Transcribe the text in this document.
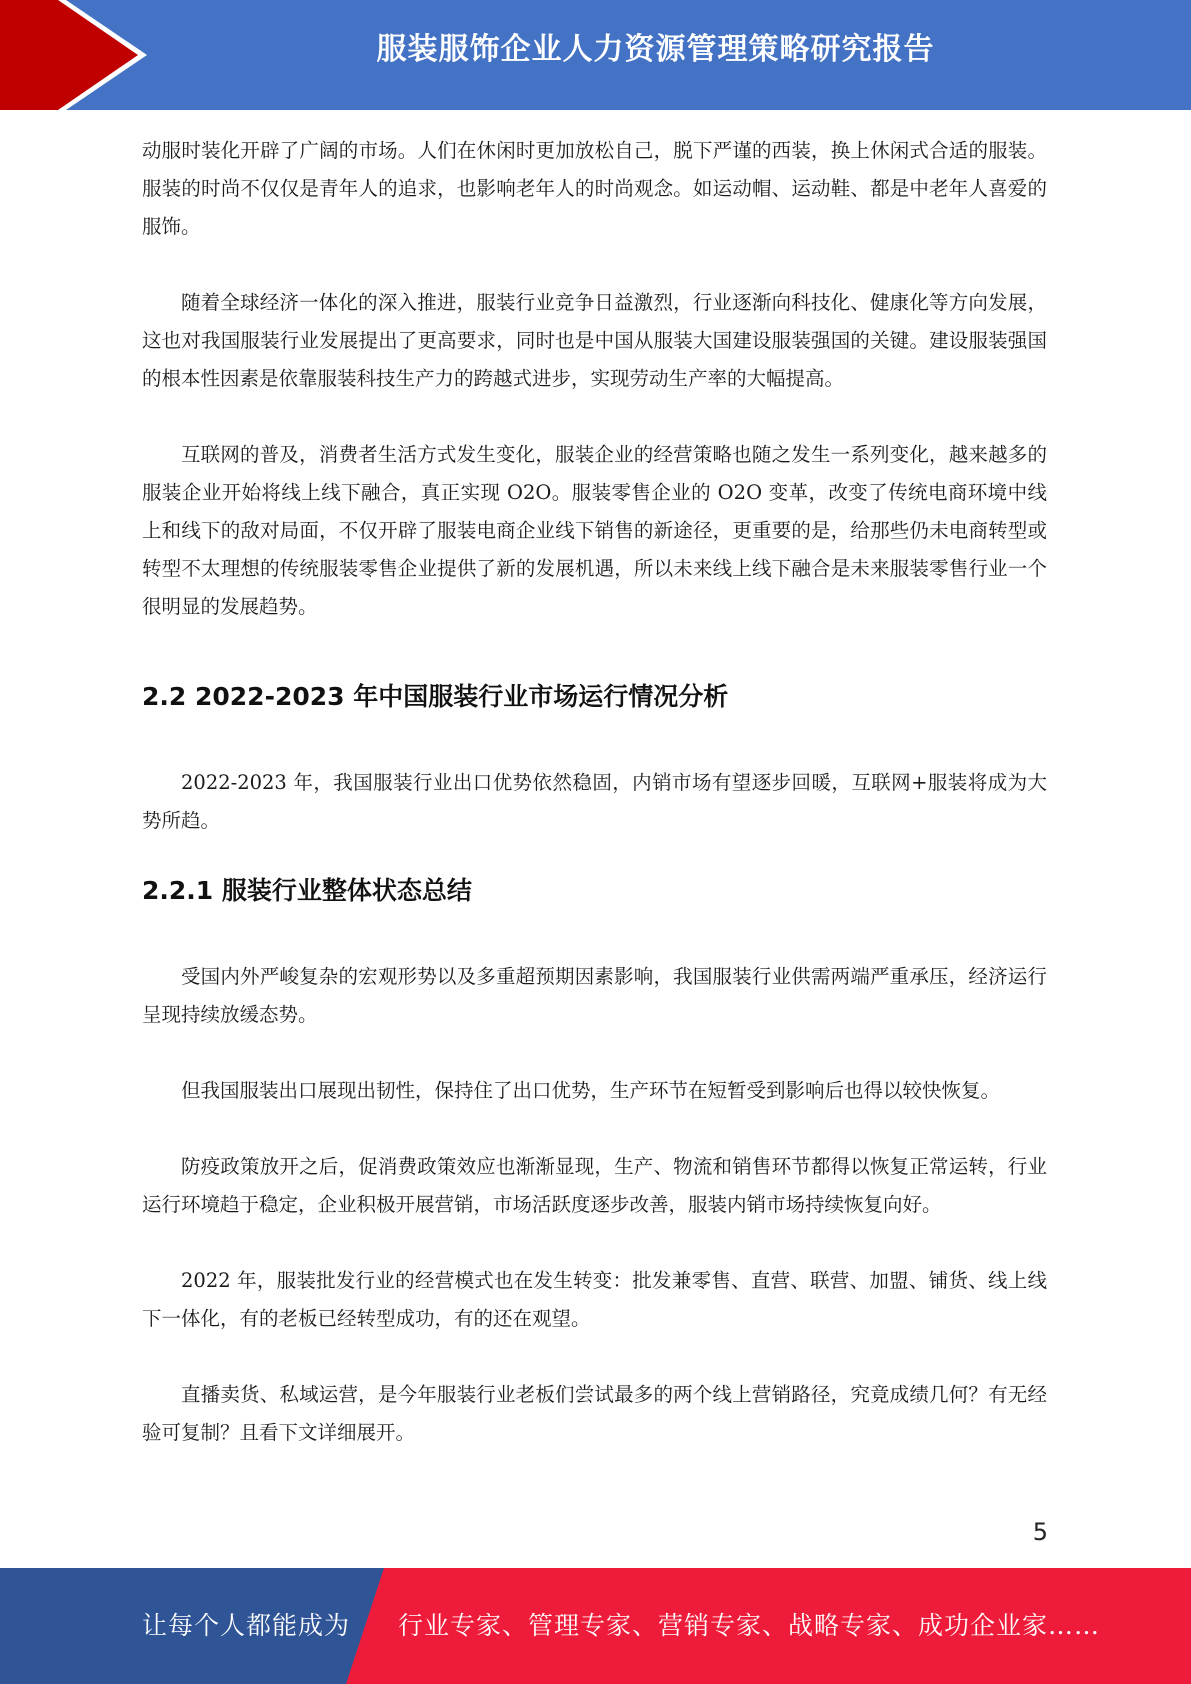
服装服饰企业人力资源管理策略研究报告

动服时装化开辟了广阔的市场。人们在休闲时更加放松自己，脱下严谨的西装，换上休闲式合适的服装。服装的时尚不仅仅是青年人的追求，也影响老年人的时尚观念。如运动帽、运动鞋、都是中老年人喜爱的服饰。

随着全球经济一体化的深入推进，服装行业竞争日益激烈，行业逐渐向科技化、健康化等方向发展，这也对我国服装行业发展提出了更高要求，同时也是中国从服装大国建设服装强国的关键。建设服装强国的根本性因素是依靠服装科技生产力的跨越式进步，实现劳动生产率的大幅提高。

互联网的普及，消费者生活方式发生变化，服装企业的经营策略也随之发生一系列变化，越来越多的服装企业开始将线上线下融合，真正实现 O2O。服装零售企业的 O2O 变革，改变了传统电商环境中线上和线下的敌对局面，不仅开辟了服装电商企业线下销售的新途径，更重要的是，给那些仍未电商转型或转型不太理想的传统服装零售企业提供了新的发展机遇，所以未来线上线下融合是未来服装零售行业一个很明显的发展趋势。

2.2 2022-2023 年中国服装行业市场运行情况分析

2022-2023 年，我国服装行业出口优势依然稳固，内销市场有望逐步回暖，互联网+服装将成为大势所趋。

2.2.1 服装行业整体状态总结

受国内外严峻复杂的宏观形势以及多重超预期因素影响，我国服装行业供需两端严重承压，经济运行呈现持续放缓态势。

但我国服装出口展现出韧性，保持住了出口优势，生产环节在短暂受到影响后也得以较快恢复。

防疫政策放开之后，促消费政策效应也渐渐显现，生产、物流和销售环节都得以恢复正常运转，行业运行环境趋于稳定，企业积极开展营销，市场活跃度逐步改善，服装内销市场持续恢复向好。

2022 年，服装批发行业的经营模式也在发生转变：批发兼零售、直营、联营、加盟、铺货、线上线下一体化，有的老板已经转型成功，有的还在观望。

直播卖货、私域运营，是今年服装行业老板们尝试最多的两个线上营销路径，究竟成绩几何？有无经验可复制？且看下文详细展开。

5
让每个人都能成为 行业专家、管理专家、营销专家、战略专家、成功企业家……
